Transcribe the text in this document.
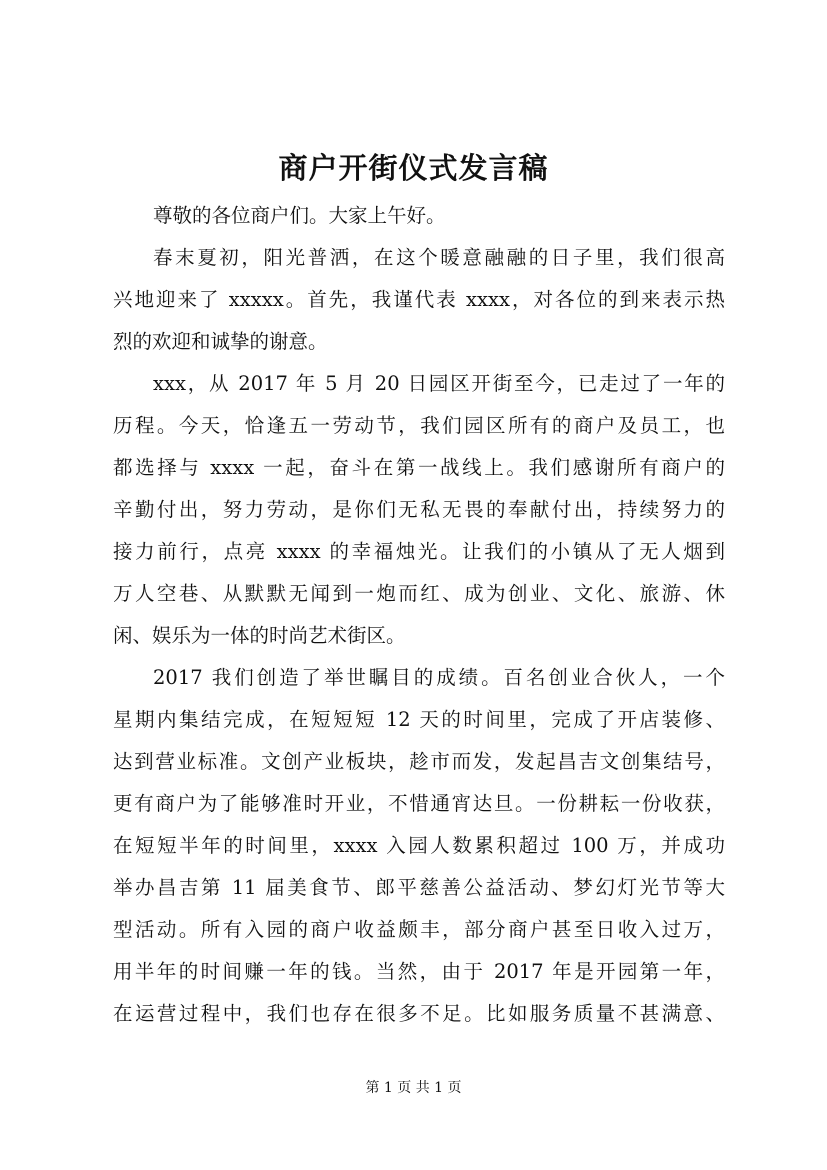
商户开街仪式发言稿
尊敬的各位商户们。大家上午好。
春末夏初，阳光普洒，在这个暖意融融的日子里，我们很高
兴地迎来了 xxxxx。首先，我谨代表 xxxx，对各位的到来表示热
烈的欢迎和诚挚的谢意。
xxx，从 2017 年 5 月 20 日园区开街至今，已走过了一年的
历程。今天，恰逢五一劳动节，我们园区所有的商户及员工，也
都选择与 xxxx 一起，奋斗在第一战线上。我们感谢所有商户的
辛勤付出，努力劳动，是你们无私无畏的奉献付出，持续努力的
接力前行，点亮 xxxx 的幸福烛光。让我们的小镇从了无人烟到
万人空巷、从默默无闻到一炮而红、成为创业、文化、旅游、休
闲、娱乐为一体的时尚艺术街区。
2017 我们创造了举世瞩目的成绩。百名创业合伙人，一个
星期内集结完成，在短短短 12 天的时间里，完成了开店装修、
达到营业标准。文创产业板块，趁市而发，发起昌吉文创集结号，
更有商户为了能够准时开业，不惜通宵达旦。一份耕耘一份收获，
在短短半年的时间里，xxxx 入园人数累积超过 100 万，并成功
举办昌吉第 11 届美食节、郎平慈善公益活动、梦幻灯光节等大
型活动。所有入园的商户收益颇丰，部分商户甚至日收入过万，
用半年的时间赚一年的钱。当然，由于 2017 年是开园第一年，
在运营过程中，我们也存在很多不足。比如服务质量不甚满意、
第 1 页 共 1 页
